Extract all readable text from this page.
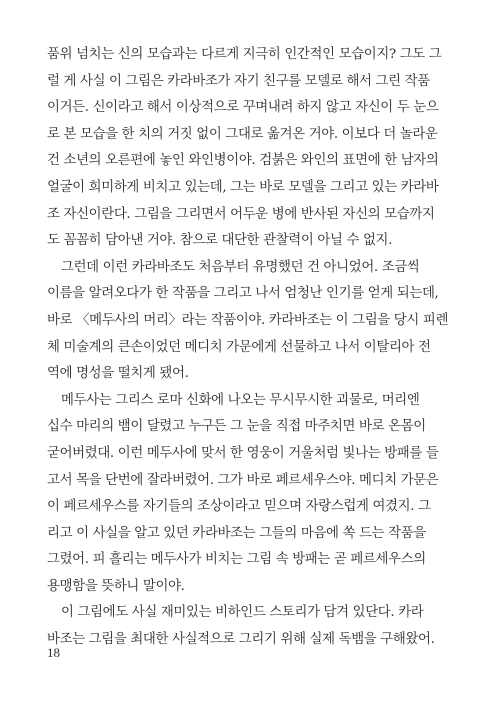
품위 넘치는 신의 모습과는 다르게 지극히 인간적인 모습이지? 그도 그
럴 게 사실 이 그림은 카라바조가 자기 친구를 모델로 해서 그린 작품
이거든. 신이라고 해서 이상적으로 꾸며내려 하지 않고 자신이 두 눈으
로 본 모습을 한 치의 거짓 없이 그대로 옮겨온 거야. 이보다 더 놀라운
건 소년의 오른편에 놓인 와인병이야. 검붉은 와인의 표면에 한 남자의
얼굴이 희미하게 비치고 있는데, 그는 바로 모델을 그리고 있는 카라바
조 자신이란다. 그림을 그리면서 어두운 병에 반사된 자신의 모습까지
도 꼼꼼히 담아낸 거야. 참으로 대단한 관찰력이 아닐 수 없지.
그런데 이런 카라바조도 처음부터 유명했던 건 아니었어. 조금씩
이름을 알려오다가 한 작품을 그리고 나서 엄청난 인기를 얻게 되는데,
바로 〈메두사의 머리〉라는 작품이야. 카라바조는 이 그림을 당시 피렌
체 미술계의 큰손이었던 메디치 가문에게 선물하고 나서 이탈리아 전
역에 명성을 떨치게 됐어.
메두사는 그리스 로마 신화에 나오는 무시무시한 괴물로, 머리엔
십수 마리의 뱀이 달렸고 누구든 그 눈을 직접 마주치면 바로 온몸이
굳어버렸대. 이런 메두사에 맞서 한 영웅이 거울처럼 빛나는 방패를 들
고서 목을 단번에 잘라버렸어. 그가 바로 페르세우스야. 메디치 가문은
이 페르세우스를 자기들의 조상이라고 믿으며 자랑스럽게 여겼지. 그
리고 이 사실을 알고 있던 카라바조는 그들의 마음에 쏙 드는 작품을
그렸어. 피 흘리는 메두사가 비치는 그림 속 방패는 곧 페르세우스의
용맹함을 뜻하니 말이야.
이 그림에도 사실 재미있는 비하인드 스토리가 담겨 있단다. 카라
바조는 그림을 최대한 사실적으로 그리기 위해 실제 독뱀을 구해왔어.
18
